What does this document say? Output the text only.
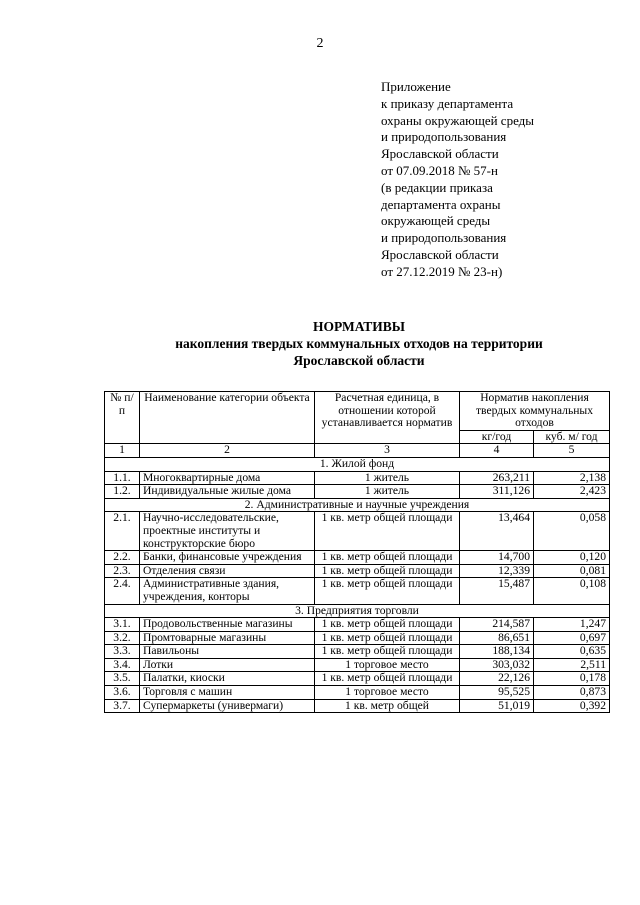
2
Приложение
к приказу департамента
охраны окружающей среды
и природопользования
Ярославской области
от 07.09.2018 № 57-н
(в редакции приказа
департамента охраны
окружающей среды
и природопользования
Ярославской области
от 27.12.2019 № 23-н)
НОРМАТИВЫ
накопления твердых коммунальных отходов на территории
Ярославской области
№ п/п	Наименование категории объекта	Расчетная единица, в отношении которой устанавливается норматив	Норматив накопления твердых коммунальных отходов	
			кг/год	куб. м/ год
1	2	3	4	5
1. Жилой фонд				
1.1.	Многоквартирные дома	1 житель	263,211	2,138
1.2.	Индивидуальные жилые дома	1 житель	311,126	2,423
2. Административные и научные учреждения				
2.1.	Научно-исследовательские, проектные институты и конструкторские бюро	1 кв. метр общей площади	13,464	0,058
2.2.	Банки, финансовые учреждения	1 кв. метр общей площади	14,700	0,120
2.3.	Отделения связи	1 кв. метр общей площади	12,339	0,081
2.4.	Административные здания, учреждения, конторы	1 кв. метр общей площади	15,487	0,108
3. Предприятия торговли				
3.1.	Продовольственные магазины	1 кв. метр общей площади	214,587	1,247
3.2.	Промтоварные магазины	1 кв. метр общей площади	86,651	0,697
3.3.	Павильоны	1 кв. метр общей площади	188,134	0,635
3.4.	Лотки	1 торговое место	303,032	2,511
3.5.	Палатки, киоски	1 кв. метр общей площади	22,126	0,178
3.6.	Торговля с машин	1 торговое место	95,525	0,873
3.7.	Супермаркеты (универмаги)	1 кв. метр общей	51,019	0,392
